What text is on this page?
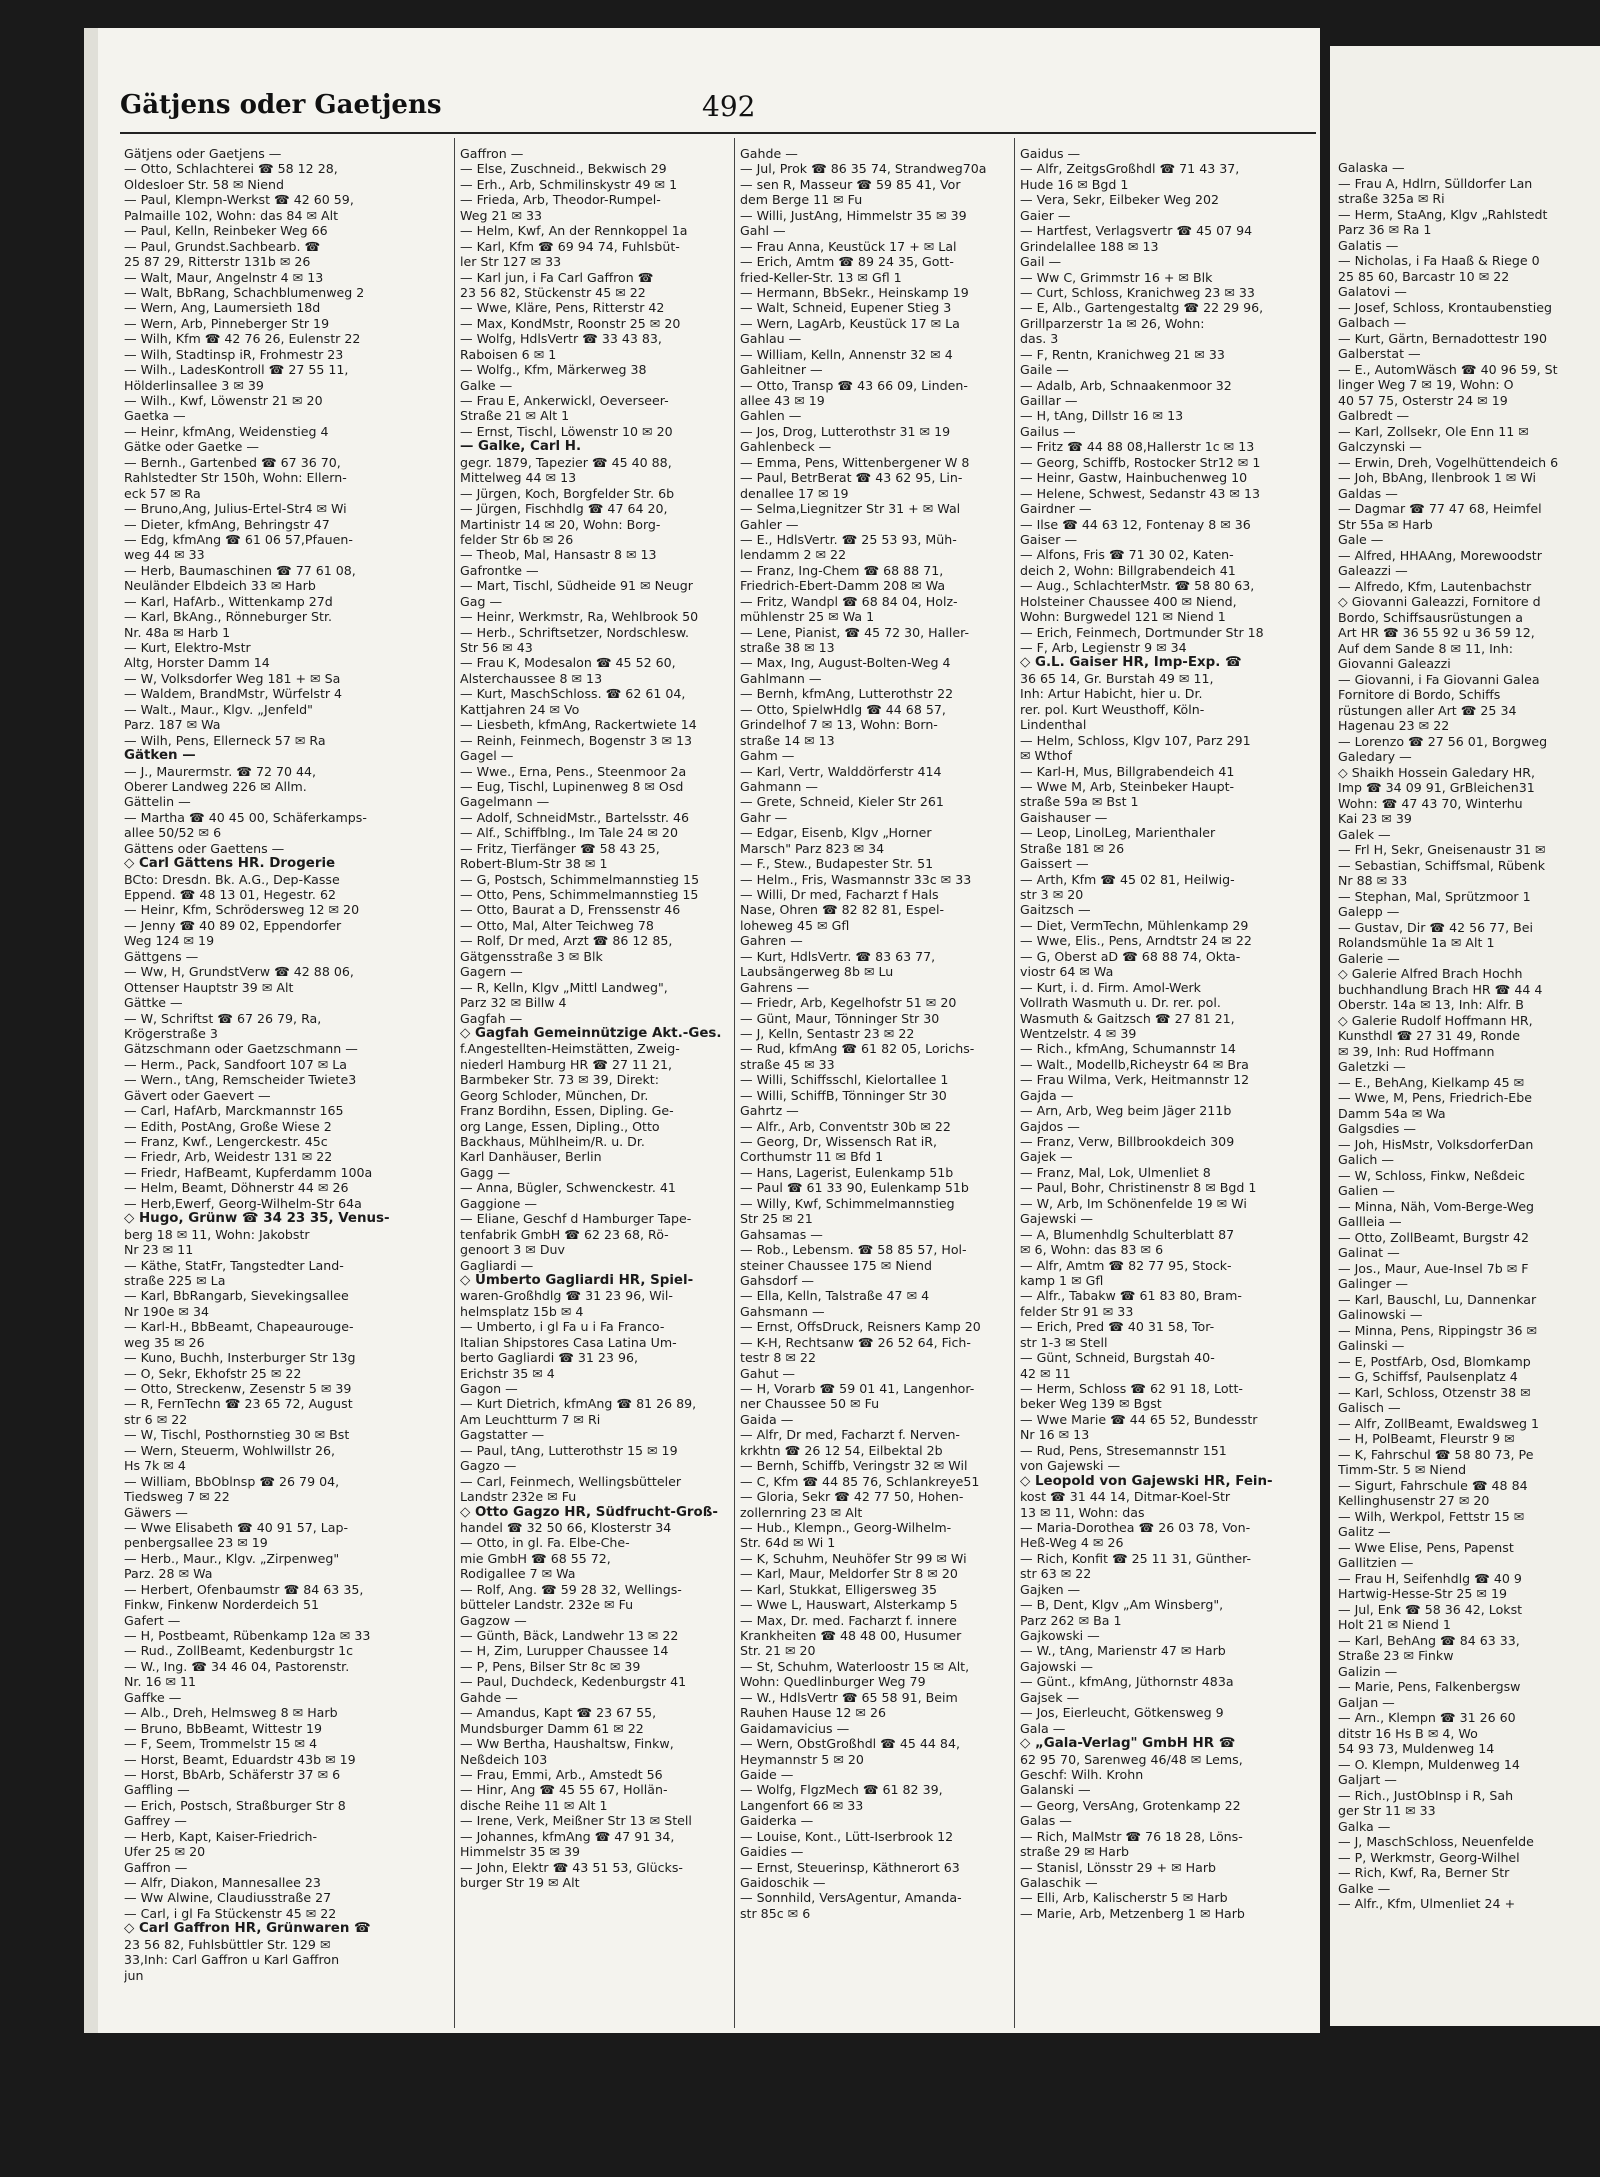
Gätjens oder Gaetjens	492
Gätjens oder Gaetjens —
— Otto, Schlachterei ☎ 58 12 28,
Oldesloer Str. 58 ✉ Niend
— Paul, Klempn-Werkst ☎ 42 60 59,
Palmaille 102, Wohn: das 84 ✉ Alt
— Paul, Kelln, Reinbeker Weg 66
— Paul, Grundst.Sachbearb. ☎
25 87 29, Ritterstr 131b ✉ 26
— Walt, Maur, Angelnstr 4 ✉ 13
— Walt, BbRang, Schachblumenweg 2
— Wern, Ang, Laumersieth 18d
— Wern, Arb, Pinneberger Str 19
— Wilh, Kfm ☎ 42 76 26, Eulenstr 22
— Wilh, Stadtinsp iR, Frohmestr 23
— Wilh., LadesKontroll ☎ 27 55 11,
Hölderlinsallee 3 ✉ 39
— Wilh., Kwf, Löwenstr 21 ✉ 20
Gaetka —
— Heinr, kfmAng, Weidenstieg 4
Gätke oder Gaetke —
— Bernh., Gartenbed ☎ 67 36 70,
Rahlstedter Str 150h, Wohn: Ellern-
eck 57 ✉ Ra
— Bruno,Ang, Julius-Ertel-Str4 ✉ Wi
— Dieter, kfmAng, Behringstr 47
— Edg, kfmAng ☎ 61 06 57,Pfauen-
weg 44 ✉ 33
— Herb, Baumaschinen ☎ 77 61 08,
Neuländer Elbdeich 33 ✉ Harb
— Karl, HafArb., Wittenkamp 27d
— Karl, BkAng., Rönneburger Str.
Nr. 48a ✉ Harb 1
— Kurt, Elektro-Mstr
Altg, Horster Damm 14
— W, Volksdorfer Weg 181 + ✉ Sa
— Waldem, BrandMstr, Würfelstr 4
— Walt., Maur., Klgv. „Jenfeld"
Parz. 187 ✉ Wa
— Wilh, Pens, Ellerneck 57 ✉ Ra
Gätken —
— J., Maurermstr. ☎ 72 70 44,
Oberer Landweg 226 ✉ Allm.
Gättelin —
— Martha ☎ 40 45 00, Schäferkamps-
allee 50/52 ✉ 6
Gättens oder Gaettens —
◇ Carl Gättens HR. Drogerie
BCto: Dresdn. Bk. A.G., Dep-Kasse
Eppend. ☎ 48 13 01, Hegestr. 62
— Heinr, Kfm, Schrödersweg 12 ✉ 20
— Jenny ☎ 40 89 02, Eppendorfer
Weg 124 ✉ 19
Gättgens —
— Ww, H, GrundstVerw ☎ 42 88 06,
Ottenser Hauptstr 39 ✉ Alt
Gättke —
— W, Schriftst ☎ 67 26 79, Ra,
Krögerstraße 3
Gätzschmann oder Gaetzschmann —
— Herm., Pack, Sandfoort 107 ✉ La
— Wern., tAng, Remscheider Twiete3
Gävert oder Gaevert —
— Carl, HafArb, Marckmannstr 165
— Edith, PostAng, Große Wiese 2
— Franz, Kwf., Lengerckestr. 45c
— Friedr, Arb, Weidestr 131 ✉ 22
— Friedr, HafBeamt, Kupferdamm 100a
— Helm, Beamt, Döhnerstr 44 ✉ 26
— Herb,Ewerf, Georg-Wilhelm-Str 64a
◇ Hugo, Grünw ☎ 34 23 35, Venus-
berg 18 ✉ 11, Wohn: Jakobstr
Nr 23 ✉ 11
— Käthe, StatFr, Tangstedter Land-
straße 225 ✉ La
— Karl, BbRangarb, Sievekingsallee
Nr 190e ✉ 34
— Karl-H., BbBeamt, Chapeaurouge-
weg 35 ✉ 26
— Kuno, Buchh, Insterburger Str 13g
— O, Sekr, Ekhofstr 25 ✉ 22
— Otto, Streckenw, Zesenstr 5 ✉ 39
— R, FernTechn ☎ 23 65 72, August
str 6 ✉ 22
— W, Tischl, Posthornstieg 30 ✉ Bst
— Wern, Steuerm, Wohlwillstr 26,
Hs 7k ✉ 4
— William, BbOblnsp ☎ 26 79 04,
Tiedsweg 7 ✉ 22
Gäwers —
— Wwe Elisabeth ☎ 40 91 57, Lap-
penbergsallee 23 ✉ 19
— Herb., Maur., Klgv. „Zirpenweg"
Parz. 28 ✉ Wa
— Herbert, Ofenbaumstr ☎ 84 63 35,
Finkw, Finkenw Norderdeich 51
Gafert —
— H, Postbeamt, Rübenkamp 12a ✉ 33
— Rud., ZollBeamt, Kedenburgstr 1c
— W., Ing. ☎ 34 46 04, Pastorenstr.
Nr. 16 ✉ 11
Gaffke —
— Alb., Dreh, Helmsweg 8 ✉ Harb
— Bruno, BbBeamt, Wittestr 19
— F, Seem, Trommelstr 15 ✉ 4
— Horst, Beamt, Eduardstr 43b ✉ 19
— Horst, BbArb, Schäferstr 37 ✉ 6
Gaffling —
— Erich, Postsch, Straßburger Str 8
Gaffrey —
— Herb, Kapt, Kaiser-Friedrich-
Ufer 25 ✉ 20
Gaffron —
— Alfr, Diakon, Mannesallee 23
— Ww Alwine, Claudiusstraße 27
— Carl, i gl Fa Stückenstr 45 ✉ 22
◇ Carl Gaffron HR, Grünwaren ☎
23 56 82, Fuhlsbüttler Str. 129 ✉
33,Inh: Carl Gaffron u Karl Gaffron
jun
Gaffron —
— Else, Zuschneid., Bekwisch 29
— Erh., Arb, Schmilinskystr 49 ✉ 1
— Frieda, Arb, Theodor-Rumpel-
Weg 21 ✉ 33
— Helm, Kwf, An der Rennkoppel 1a
— Karl, Kfm ☎ 69 94 74, Fuhlsbüt-
ler Str 127 ✉ 33
— Karl jun, i Fa Carl Gaffron ☎
23 56 82, Stückenstr 45 ✉ 22
— Wwe, Kläre, Pens, Ritterstr 42
— Max, KondMstr, Roonstr 25 ✉ 20
— Wolfg, HdlsVertr ☎ 33 43 83,
Raboisen 6 ✉ 1
— Wolfg., Kfm, Märkerweg 38
Galke —
— Frau E, Ankerwickl, Oeverseer-
Straße 21 ✉ Alt 1
— Ernst, Tischl, Löwenstr 10 ✉ 20
— Galke, Carl H.
gegr. 1879, Tapezier ☎ 45 40 88,
Mittelweg 44 ✉ 13
— Jürgen, Koch, Borgfelder Str. 6b
— Jürgen, Fischhdlg ☎ 47 64 20,
Martinistr 14 ✉ 20, Wohn: Borg-
felder Str 6b ✉ 26
— Theob, Mal, Hansastr 8 ✉ 13
Gafrontke —
— Mart, Tischl, Südheide 91 ✉ Neugr
Gag —
— Heinr, Werkmstr, Ra, Wehlbrook 50
— Herb., Schriftsetzer, Nordschlesw.
Str 56 ✉ 43
— Frau K, Modesalon ☎ 45 52 60,
Alsterchaussee 8 ✉ 13
— Kurt, MaschSchloss. ☎ 62 61 04,
Kattjahren 24 ✉ Vo
— Liesbeth, kfmAng, Rackertwiete 14
— Reinh, Feinmech, Bogenstr 3 ✉ 13
Gagel —
— Wwe., Erna, Pens., Steenmoor 2a
— Eug, Tischl, Lupinenweg 8 ✉ Osd
Gagelmann —
— Adolf, SchneidMstr., Bartelsstr. 46
— Alf., Schiffblng., Im Tale 24 ✉ 20
— Fritz, Tierfänger ☎ 58 43 25,
Robert-Blum-Str 38 ✉ 1
— G, Postsch, Schimmelmannstieg 15
— Otto, Pens, Schimmelmannstieg 15
— Otto, Baurat a D, Frenssenstr 46
— Otto, Mal, Alter Teichweg 78
— Rolf, Dr med, Arzt ☎ 86 12 85,
Gätgensstraße 3 ✉ Blk
Gagern —
— R, Kelln, Klgv „Mittl Landweg",
Parz 32 ✉ Billw 4
Gagfah —
◇ Gagfah Gemeinnützige Akt.-Ges.
f.Angestellten-Heimstätten, Zweig-
niederl Hamburg HR ☎ 27 11 21,
Barmbeker Str. 73 ✉ 39, Direkt:
Georg Schloder, München, Dr.
Franz Bordihn, Essen, Dipling. Ge-
org Lange, Essen, Dipling., Otto
Backhaus, Mühlheim/R. u. Dr.
Karl Danhäuser, Berlin
Gagg —
— Anna, Bügler, Schwenckestr. 41
Gaggione —
— Eliane, Geschf d Hamburger Tape-
tenfabrik GmbH ☎ 62 23 68, Rö-
genoort 3 ✉ Duv
Gagliardi —
◇ Umberto Gagliardi HR, Spiel-
waren-Großhdlg ☎ 31 23 96, Wil-
helmsplatz 15b ✉ 4
— Umberto, i gl Fa u i Fa Franco-
Italian Shipstores Casa Latina Um-
berto Gagliardi ☎ 31 23 96,
Erichstr 35 ✉ 4
Gagon —
— Kurt Dietrich, kfmAng ☎ 81 26 89,
Am Leuchtturm 7 ✉ Ri
Gagstatter —
— Paul, tAng, Lutterothstr 15 ✉ 19
Gagzo —
— Carl, Feinmech, Wellingsbütteler
Landstr 232e ✉ Fu
◇ Otto Gagzo HR, Südfrucht-Groß-
handel ☎ 32 50 66, Klosterstr 34
— Otto, in gl. Fa. Elbe-Che-
mie GmbH ☎ 68 55 72,
Rodigallee 7 ✉ Wa
— Rolf, Ang. ☎ 59 28 32, Wellings-
bütteler Landstr. 232e ✉ Fu
Gagzow —
— Günth, Bäck, Landwehr 13 ✉ 22
— H, Zim, Lurupper Chaussee 14
— P, Pens, Bilser Str 8c ✉ 39
— Paul, Duchdeck, Kedenburgstr 41
Gahde —
— Amandus, Kapt ☎ 23 67 55,
Mundsburger Damm 61 ✉ 22
— Ww Bertha, Haushaltsw, Finkw,
Neßdeich 103
— Frau, Emmi, Arb., Amstedt 56
— Hinr, Ang ☎ 45 55 67, Hollän-
dische Reihe 11 ✉ Alt 1
— Irene, Verk, Meißner Str 13 ✉ Stell
— Johannes, kfmAng ☎ 47 91 34,
Himmelstr 35 ✉ 39
— John, Elektr ☎ 43 51 53, Glücks-
burger Str 19 ✉ Alt
Gahde —
— Jul, Prok ☎ 86 35 74, Strandweg70a
— sen R, Masseur ☎ 59 85 41, Vor
dem Berge 11 ✉ Fu
— Willi, JustAng, Himmelstr 35 ✉ 39
Gahl —
— Frau Anna, Keustück 17 + ✉ Lal
— Erich, Amtm ☎ 89 24 35, Gott-
fried-Keller-Str. 13 ✉ Gfl 1
— Hermann, BbSekr., Heinskamp 19
— Walt, Schneid, Eupener Stieg 3
— Wern, LagArb, Keustück 17 ✉ La
Gahlau —
— William, Kelln, Annenstr 32 ✉ 4
Gahleitner —
— Otto, Transp ☎ 43 66 09, Linden-
allee 43 ✉ 19
Gahlen —
— Jos, Drog, Lutterothstr 31 ✉ 19
Gahlenbeck —
— Emma, Pens, Wittenbergener W 8
— Paul, BetrBerat ☎ 43 62 95, Lin-
denallee 17 ✉ 19
— Selma,Liegnitzer Str 31 + ✉ Wal
Gahler —
— E., HdlsVertr. ☎ 25 53 93, Müh-
lendamm 2 ✉ 22
— Franz, Ing-Chem ☎ 68 88 71,
Friedrich-Ebert-Damm 208 ✉ Wa
— Fritz, Wandpl ☎ 68 84 04, Holz-
mühlenstr 25 ✉ Wa 1
— Lene, Pianist, ☎ 45 72 30, Haller-
straße 38 ✉ 13
— Max, Ing, August-Bolten-Weg 4
Gahlmann —
— Bernh, kfmAng, Lutterothstr 22
— Otto, SpielwHdlg ☎ 44 68 57,
Grindelhof 7 ✉ 13, Wohn: Born-
straße 14 ✉ 13
Gahm —
— Karl, Vertr, Walddörferstr 414
Gahmann —
— Grete, Schneid, Kieler Str 261
Gahr —
— Edgar, Eisenb, Klgv „Horner
Marsch" Parz 823 ✉ 34
— F., Stew., Budapester Str. 51
— Helm., Fris, Wasmannstr 33c ✉ 33
— Willi, Dr med, Facharzt f Hals
Nase, Ohren ☎ 82 82 81, Espel-
loheweg 45 ✉ Gfl
Gahren —
— Kurt, HdlsVertr. ☎ 83 63 77,
Laubsängerweg 8b ✉ Lu
Gahrens —
— Friedr, Arb, Kegelhofstr 51 ✉ 20
— Günt, Maur, Tönninger Str 30
— J, Kelln, Sentastr 23 ✉ 22
— Rud, kfmAng ☎ 61 82 05, Lorichs-
straße 45 ✉ 33
— Willi, Schiffsschl, Kielortallee 1
— Willi, SchiffB, Tönninger Str 30
Gahrtz —
— Alfr., Arb, Conventstr 30b ✉ 22
— Georg, Dr, Wissensch Rat iR,
Corthumstr 11 ✉ Bfd 1
— Hans, Lagerist, Eulenkamp 51b
— Paul ☎ 61 33 90, Eulenkamp 51b
— Willy, Kwf, Schimmelmannstieg
Str 25 ✉ 21
Gahsamas —
— Rob., Lebensm. ☎ 58 85 57, Hol-
steiner Chaussee 175 ✉ Niend
Gahsdorf —
— Ella, Kelln, Talstraße 47 ✉ 4
Gahsmann —
— Ernst, OffsDruck, Reisners Kamp 20
— K-H, Rechtsanw ☎ 26 52 64, Fich-
testr 8 ✉ 22
Gahut —
— H, Vorarb ☎ 59 01 41, Langenhor-
ner Chaussee 50 ✉ Fu
Gaida —
— Alfr, Dr med, Facharzt f. Nerven-
krkhtn ☎ 26 12 54, Eilbektal 2b
— Bernh, Schiffb, Veringstr 32 ✉ Wil
— C, Kfm ☎ 44 85 76, Schlankreye51
— Gloria, Sekr ☎ 42 77 50, Hohen-
zollernring 23 ✉ Alt
— Hub., Klempn., Georg-Wilhelm-
Str. 64d ✉ Wi 1
— K, Schuhm, Neuhöfer Str 99 ✉ Wi
— Karl, Maur, Meldorfer Str 8 ✉ 20
— Karl, Stukkat, Elligersweg 35
— Wwe L, Hauswart, Alsterkamp 5
— Max, Dr. med. Facharzt f. innere
Krankheiten ☎ 48 48 00, Husumer
Str. 21 ✉ 20
— St, Schuhm, Waterloostr 15 ✉ Alt,
Wohn: Quedlinburger Weg 79
— W., HdlsVertr ☎ 65 58 91, Beim
Rauhen Hause 12 ✉ 26
Gaidamavicius —
— Wern, ObstGroßhdl ☎ 45 44 84,
Heymannstr 5 ✉ 20
Gaide —
— Wolfg, FlgzMech ☎ 61 82 39,
Langenfort 66 ✉ 33
Gaiderka —
— Louise, Kont., Lütt-Iserbrook 12
Gaidies —
— Ernst, Steuerinsp, Käthnerort 63
Gaidoschik —
— Sonnhild, VersAgentur, Amanda-
str 85c ✉ 6
Gaidus —
— Alfr, ZeitgsGroßhdl ☎ 71 43 37,
Hude 16 ✉ Bgd 1
— Vera, Sekr, Eilbeker Weg 202
Gaier —
— Hartfest, Verlagsvertr ☎ 45 07 94
Grindelallee 188 ✉ 13
Gail —
— Ww C, Grimmstr 16 + ✉ Blk
— Curt, Schloss, Kranichweg 23 ✉ 33
— E, Alb., Gartengestaltg ☎ 22 29 96,
Grillparzerstr 1a ✉ 26, Wohn:
das. 3
— F, Rentn, Kranichweg 21 ✉ 33
Gaile —
— Adalb, Arb, Schnaakenmoor 32
Gaillar —
— H, tAng, Dillstr 16 ✉ 13
Gailus —
— Fritz ☎ 44 88 08,Hallerstr 1c ✉ 13
— Georg, Schiffb, Rostocker Str12 ✉ 1
— Heinr, Gastw, Hainbuchenweg 10
— Helene, Schwest, Sedanstr 43 ✉ 13
Gairdner —
— Ilse ☎ 44 63 12, Fontenay 8 ✉ 36
Gaiser —
— Alfons, Fris ☎ 71 30 02, Katen-
deich 2, Wohn: Billgrabendeich 41
— Aug., SchlachterMstr. ☎ 58 80 63,
Holsteiner Chaussee 400 ✉ Niend,
Wohn: Burgwedel 121 ✉ Niend 1
— Erich, Feinmech, Dortmunder Str 18
— F, Arb, Legienstr 9 ✉ 34
◇ G.L. Gaiser HR, Imp-Exp. ☎
36 65 14, Gr. Burstah 49 ✉ 11,
Inh: Artur Habicht, hier u. Dr.
rer. pol. Kurt Weusthoff, Köln-
Lindenthal
— Helm, Schloss, Klgv 107, Parz 291
✉ Wthof
— Karl-H, Mus, Billgrabendeich 41
— Wwe M, Arb, Steinbeker Haupt-
straße 59a ✉ Bst 1
Gaishauser —
— Leop, LinolLeg, Marienthaler
Straße 181 ✉ 26
Gaissert —
— Arth, Kfm ☎ 45 02 81, Heilwig-
str 3 ✉ 20
Gaitzsch —
— Diet, VermTechn, Mühlenkamp 29
— Wwe, Elis., Pens, Arndtstr 24 ✉ 22
— G, Oberst aD ☎ 68 88 74, Okta-
viostr 64 ✉ Wa
— Kurt, i. d. Firm. Amol-Werk
Vollrath Wasmuth u. Dr. rer. pol.
Wasmuth & Gaitzsch ☎ 27 81 21,
Wentzelstr. 4 ✉ 39
— Rich., kfmAng, Schumannstr 14
— Walt., Modellb,Richeystr 64 ✉ Bra
— Frau Wilma, Verk, Heitmannstr 12
Gajda —
— Arn, Arb, Weg beim Jäger 211b
Gajdos —
— Franz, Verw, Billbrookdeich 309
Gajek —
— Franz, Mal, Lok, Ulmenliet 8
— Paul, Bohr, Christinenstr 8 ✉ Bgd 1
— W, Arb, Im Schönenfelde 19 ✉ Wi
Gajewski —
— A, Blumenhdlg Schulterblatt 87
✉ 6, Wohn: das 83 ✉ 6
— Alfr, Amtm ☎ 82 77 95, Stock-
kamp 1 ✉ Gfl
— Alfr., Tabakw ☎ 61 83 80, Bram-
felder Str 91 ✉ 33
— Erich, Pred ☎ 40 31 58, Tor-
str 1-3 ✉ Stell
— Günt, Schneid, Burgstah 40-
42 ✉ 11
— Herm, Schloss ☎ 62 91 18, Lott-
beker Weg 139 ✉ Bgst
— Wwe Marie ☎ 44 65 52, Bundesstr
Nr 16 ✉ 13
— Rud, Pens, Stresemannstr 151
von Gajewski —
◇ Leopold von Gajewski HR, Fein-
kost ☎ 31 44 14, Ditmar-Koel-Str
13 ✉ 11, Wohn: das
— Maria-Dorothea ☎ 26 03 78, Von-
Heß-Weg 4 ✉ 26
— Rich, Konfit ☎ 25 11 31, Günther-
str 63 ✉ 22
Gajken —
— B, Dent, Klgv „Am Winsberg",
Parz 262 ✉ Ba 1
Gajkowski —
— W., tAng, Marienstr 47 ✉ Harb
Gajowski —
— Günt., kfmAng, Jüthornstr 483a
Gajsek —
— Jos, Eierleucht, Götkensweg 9
Gala —
◇ „Gala-Verlag" GmbH HR ☎
62 95 70, Sarenweg 46/48 ✉ Lems,
Geschf: Wilh. Krohn
Galanski —
— Georg, VersAng, Grotenkamp 22
Galas —
— Rich, MalMstr ☎ 76 18 28, Löns-
straße 29 ✉ Harb
— Stanisl, Lönsstr 29 + ✉ Harb
Galaschik —
— Elli, Arb, Kalischerstr 5 ✉ Harb
— Marie, Arb, Metzenberg 1 ✉ Harb
Galaska —
— Frau A, Hdlrn, Sülldorfer Lan
straße 325a ✉ Ri
— Herm, StaAng, Klgv „Rahlstedt
Parz 36 ✉ Ra 1
Galatis —
— Nicholas, i Fa Haaß & Riege 0
25 85 60, Barcastr 10 ✉ 22
Galatovi —
— Josef, Schloss, Krontaubenstieg
Galbach —
— Kurt, Gärtn, Bernadottestr 190
Galberstat —
— E., AutomWäsch ☎ 40 96 59, St
linger Weg 7 ✉ 19, Wohn: O
40 57 75, Osterstr 24 ✉ 19
Galbredt —
— Karl, Zollsekr, Ole Enn 11 ✉
Galczynski —
— Erwin, Dreh, Vogelhüttendeich 6
— Joh, BbAng, Ilenbrook 1 ✉ Wi
Galdas —
— Dagmar ☎ 77 47 68, Heimfel
Str 55a ✉ Harb
Gale —
— Alfred, HHAAng, Morewoodstr
Galeazzi —
— Alfredo, Kfm, Lautenbachstr
◇ Giovanni Galeazzi, Fornitore d
Bordo, Schiffsausrüstungen a
Art HR ☎ 36 55 92 u 36 59 12,
Auf dem Sande 8 ✉ 11, Inh:
Giovanni Galeazzi
— Giovanni, i Fa Giovanni Galea
Fornitore di Bordo, Schiffs
rüstungen aller Art ☎ 25 34
Hagenau 23 ✉ 22
— Lorenzo ☎ 27 56 01, Borgweg
Galedary —
◇ Shaikh Hossein Galedary HR,
Imp ☎ 34 09 91, GrBleichen31
Wohn: ☎ 47 43 70, Winterhu
Kai 23 ✉ 39
Galek —
— Frl H, Sekr, Gneisenaustr 31 ✉
— Sebastian, Schiffsmal, Rübenk
Nr 88 ✉ 33
— Stephan, Mal, Sprützmoor 1
Galepp —
— Gustav, Dir ☎ 42 56 77, Bei
Rolandsmühle 1a ✉ Alt 1
Galerie —
◇ Galerie Alfred Brach Hochh
buchhandlung Brach HR ☎ 44 4
Oberstr. 14a ✉ 13, Inh: Alfr. B
◇ Galerie Rudolf Hoffmann HR,
Kunsthdl ☎ 27 31 49, Ronde
✉ 39, Inh: Rud Hoffmann
Galetzki —
— E., BehAng, Kielkamp 45 ✉
— Wwe, M, Pens, Friedrich-Ebe
Damm 54a ✉ Wa
Galgsdies —
— Joh, HisMstr, VolksdorferDan
Galich —
— W, Schloss, Finkw, Neßdeic
Galien —
— Minna, Näh, Vom-Berge-Weg
Gallleia —
— Otto, ZollBeamt, Burgstr 42
Galinat —
— Jos., Maur, Aue-Insel 7b ✉ F
Galinger —
— Karl, Bauschl, Lu, Dannenkar
Galinowski —
— Minna, Pens, Rippingstr 36 ✉
Galinski —
— E, PostfArb, Osd, Blomkamp
— G, Schiffsf, Paulsenplatz 4
— Karl, Schloss, Otzenstr 38 ✉
Galisch —
— Alfr, ZollBeamt, Ewaldsweg 1
— H, PolBeamt, Fleurstr 9 ✉
— K, Fahrschul ☎ 58 80 73, Pe
Timm-Str. 5 ✉ Niend
— Sigurt, Fahrschule ☎ 48 84
Kellinghusenstr 27 ✉ 20
— Wilh, Werkpol, Fettstr 15 ✉
Galitz —
— Wwe Elise, Pens, Papenst
Gallitzien —
— Frau H, Seifenhdlg ☎ 40 9
Hartwig-Hesse-Str 25 ✉ 19
— Jul, Enk ☎ 58 36 42, Lokst
Holt 21 ✉ Niend 1
— Karl, BehAng ☎ 84 63 33,
Straße 23 ✉ Finkw
Galizin —
— Marie, Pens, Falkenbergsw
Galjan —
— Arn., Klempn ☎ 31 26 60
ditstr 16 Hs B ✉ 4, Wo
54 93 73, Muldenweg 14
— O. Klempn, Muldenweg 14
Galjart —
— Rich., JustObInsp i R, Sah
ger Str 11 ✉ 33
Galka —
— J, MaschSchloss, Neuenfelde
— P, Werkmstr, Georg-Wilhel
— Rich, Kwf, Ra, Berner Str
Galke —
— Alfr., Kfm, Ulmenliet 24 +
